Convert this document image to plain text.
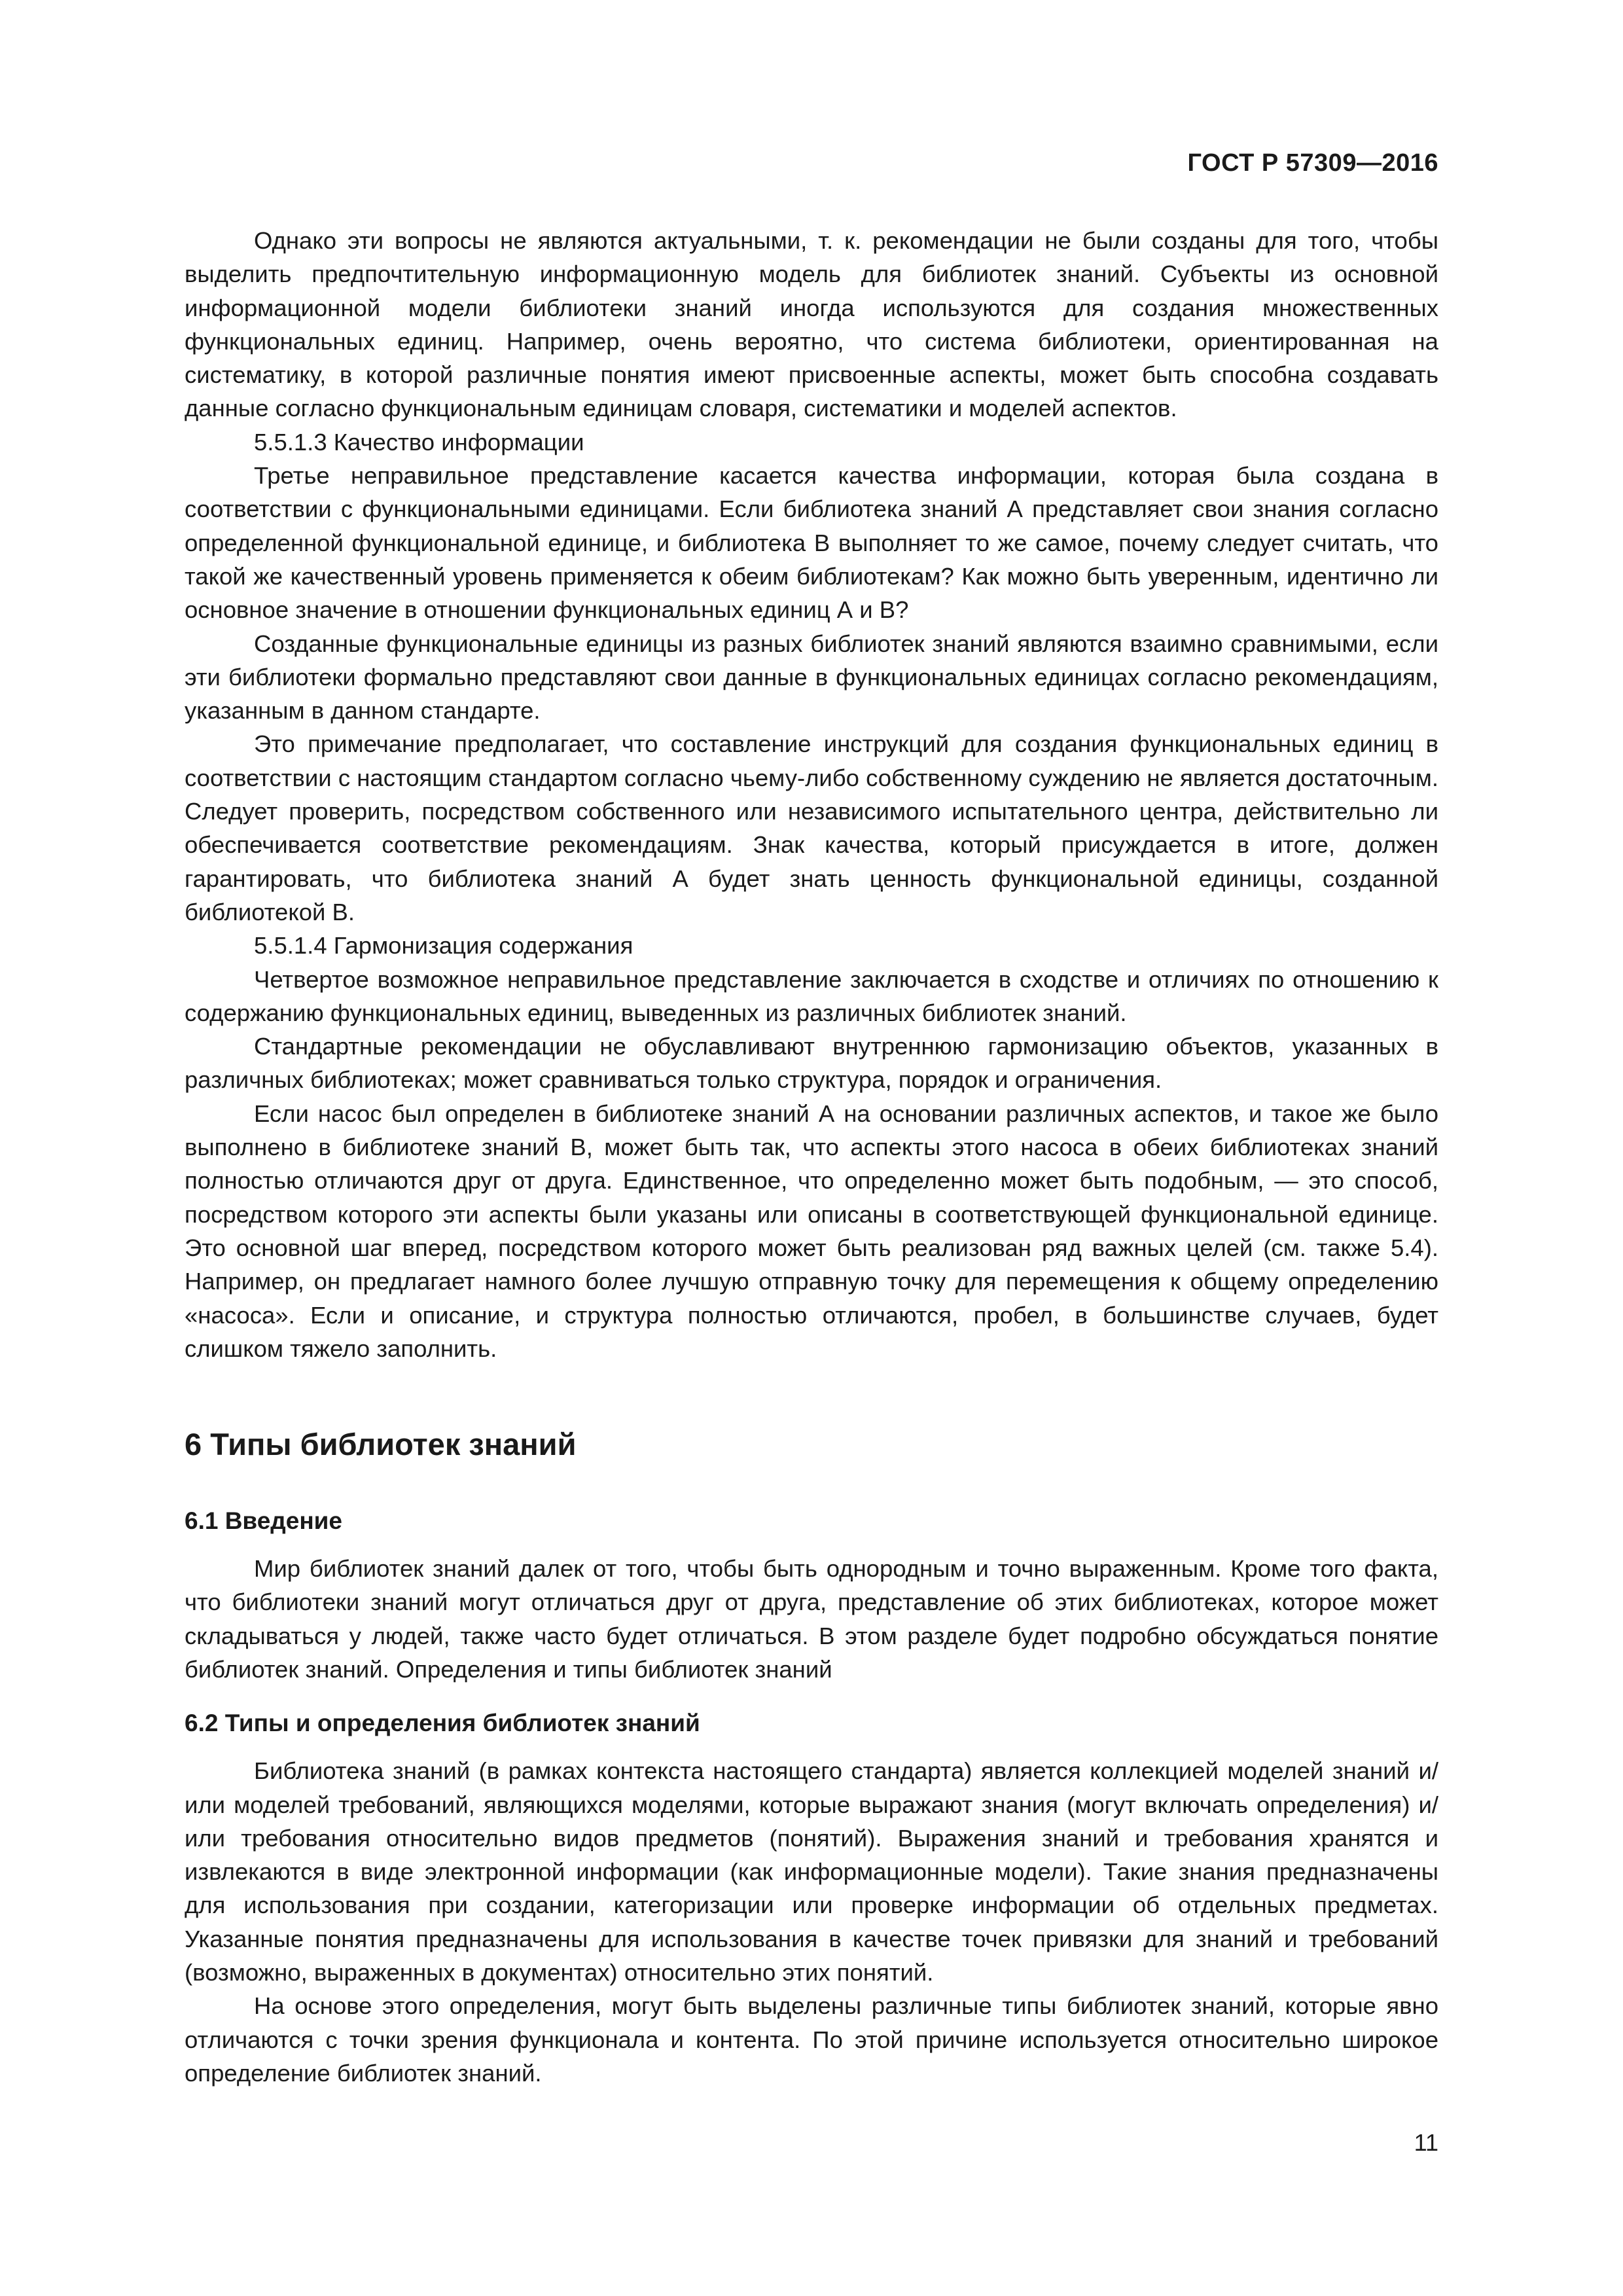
ГОСТ Р 57309—2016

Однако эти вопросы не являются актуальными, т. к. рекомендации не были созданы для того, чтобы выделить предпочтительную информационную модель для библиотек знаний. Субъекты из основной информационной модели библиотеки знаний иногда используются для создания множественных функциональных единиц. Например, очень вероятно, что система библиотеки, ориентированная на систематику, в которой различные понятия имеют присвоенные аспекты, может быть способна создавать данные согласно функциональным единицам словаря, систематики и моделей аспектов.

5.5.1.3 Качество информации

Третье неправильное представление касается качества информации, которая была создана в соответствии с функциональными единицами. Если библиотека знаний А представляет свои знания согласно определенной функциональной единице, и библиотека В выполняет то же самое, почему следует считать, что такой же качественный уровень применяется к обеим библиотекам? Как можно быть уверенным, идентично ли основное значение в отношении функциональных единиц А и В?

Созданные функциональные единицы из разных библиотек знаний являются взаимно сравнимыми, если эти библиотеки формально представляют свои данные в функциональных единицах согласно рекомендациям, указанным в данном стандарте.

Это примечание предполагает, что составление инструкций для создания функциональных единиц в соответствии с настоящим стандартом согласно чьему-либо собственному суждению не является достаточным. Следует проверить, посредством собственного или независимого испытательного центра, действительно ли обеспечивается соответствие рекомендациям. Знак качества, который присуждается в итоге, должен гарантировать, что библиотека знаний А будет знать ценность функциональной единицы, созданной библиотекой В.

5.5.1.4 Гармонизация содержания

Четвертое возможное неправильное представление заключается в сходстве и отличиях по отношению к содержанию функциональных единиц, выведенных из различных библиотек знаний.

Стандартные рекомендации не обуславливают внутреннюю гармонизацию объектов, указанных в различных библиотеках; может сравниваться только структура, порядок и ограничения.

Если насос был определен в библиотеке знаний А на основании различных аспектов, и такое же было выполнено в библиотеке знаний В, может быть так, что аспекты этого насоса в обеих библиотеках знаний полностью отличаются друг от друга. Единственное, что определенно может быть подобным, — это способ, посредством которого эти аспекты были указаны или описаны в соответствующей функциональной единице. Это основной шаг вперед, посредством которого может быть реализован ряд важных целей (см. также 5.4). Например, он предлагает намного более лучшую отправную точку для перемещения к общему определению «насоса». Если и описание, и структура полностью отличаются, пробел, в большинстве случаев, будет слишком тяжело заполнить.

6 Типы библиотек знаний
6.1 Введение

Мир библиотек знаний далек от того, чтобы быть однородным и точно выраженным. Кроме того факта, что библиотеки знаний могут отличаться друг от друга, представление об этих библиотеках, которое может складываться у людей, также часто будет отличаться. В этом разделе будет подробно обсуждаться понятие библиотек знаний. Определения и типы библиотек знаний

6.2 Типы и определения библиотек знаний

Библиотека знаний (в рамках контекста настоящего стандарта) является коллекцией моделей знаний и/или моделей требований, являющихся моделями, которые выражают знания (могут включать определения) и/или требования относительно видов предметов (понятий). Выражения знаний и требования хранятся и извлекаются в виде электронной информации (как информационные модели). Такие знания предназначены для использования при создании, категоризации или проверке информации об отдельных предметах. Указанные понятия предназначены для использования в качестве точек привязки для знаний и требований (возможно, выраженных в документах) относительно этих понятий.

На основе этого определения, могут быть выделены различные типы библиотек знаний, которые явно отличаются с точки зрения функционала и контента. По этой причине используется относительно широкое определение библиотек знаний.

11
